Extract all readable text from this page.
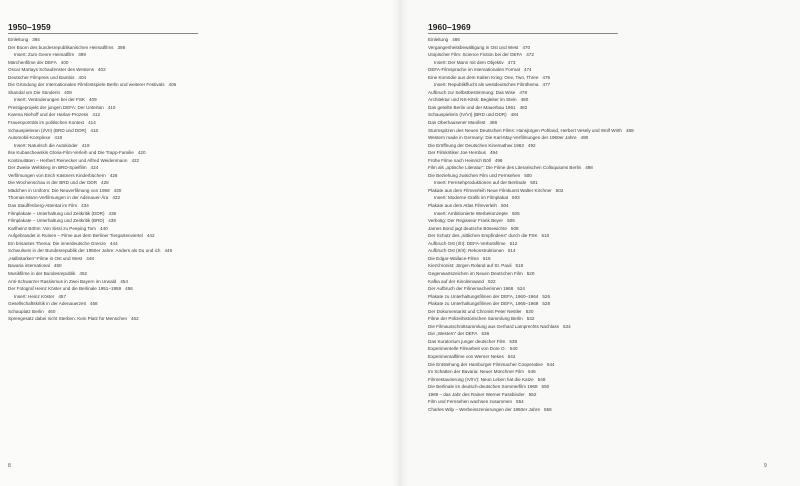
1950–1959
Einleitung 394
Der Boom des bundesrepublikanischen Heimatfilms 398
Insert: Zum Genre Heimatfilm 399
Märchenfilme der DEFA 400
Oscar Martays Schaufenster des Westens 402
Deutscher Filmpreis und Bambis 404
Die Gründung der Internationalen Filmfestspiele Berlin und weiterer Festivals 406
Skandal um Die Sünderin 408
Insert: Veränderungen bei der FSK 409
Prestigeprojekt der jungen DEFA: Der Untertan 410
Karena Niehoff und der Harlan-Prozess 412
Frauenporträts im politischen Kontext 414
Schauspieleran (I/VII) (BRD und DDR) 416
Automobil-Komplexe 418
Insert: Naturisch die Autokinder 419
Ilse Kubaschewskis Gloria-Film-Verleih und Die Trapp-Familie 420
Kontinuitäten – Herbert Reinecker und Alfred Weidenmann 422
Der Zweite Weltkrieg im BRD-Spielfilm 424
Verfilmungen von Erich Kästners Kinderbüchern 426
Die Wochenschau in der BRD und der DDR 428
Mädchen in Uniform: Die Neuverfilmung von 1958 430
Thomas-Mann-Verfilmungen in der Adenauer-Ära 432
Das Stauffenberg-Attentat im Film 434
Filmplakate – Unterhaltung und Zeitkritik (DDR) 436
Filmplakate – Unterhaltung und Zeitkritik (BRD) 438
Karlheinz Böhm: Von Sissi zu Peeping Tom 440
Aufgebrandet in Ruinen – Filme aus dem Berliner Tiergartenviertel 442
Ein brisantes Thema: Die innerdeutsche Grenze 444
Schwulsein in der Bundesrepublik der 1950er Jahre: Anders als Du und ich 446
„Halbstarken“-Filme in Ost und West 448
Bavaria international 450
Musikfilme in der Bundesrepublik 452
Anti-Schwarzer Rassismus in Zwei Bayern im Urwald 454
Der Fotograf Heinz Köster und die Berlinale 1951–1959 456
Insert: Heinz Köster 457
Gesellschaftskritik in der Adenauerzeit 458
Schauplatz Berlin 460
Sprengesatz dabei nicht Sterben: Kein Platz für Menschen 462
8
1960–1969
Einleitung 466
Vergangenheitsbewältigung in Ost und West 470
Utopischer Film: Science Fiction bei der DEFA 472
Insert: Der Mann mit dem Objektiv 473
DEFA-Filmsprache im internationalen Format 474
Eine Komödie aus dem Kalten Krieg: One, Two, Three 476
Insert: Republikflucht als westdeutsches Filmthema 477
Aufbruch zur Selbstbestimmung: Das Wise 478
Architektur und NS-Kitsk: Begleiter im Stein 480
Das geteilte Berlin und der Mauerbau 1961 482
Schauspielerin (IV/VI) (BRD und DDR) 484
Das Oberhausener Manifest 486
Sturmspitzen des Neuen Deutschen Films: Hansjürgen Pohland, Herbert Vesely und Wolf Wirth 488
Western made in Germany: Die Karl-May-Verfilmungen der 1960er Jahre 490
Die Eröffnung der Deutschen Kinematheк 1963 492
Der Filmkritiker Joe Hembus 494
Frühe Filme nach Heinrich Böll 496
Film als „optische Literatur“: Die Filme des Literarischen Colloquiums Berlin 498
Die Beziehung zwischen Film und Fernsehen 500
Insert: Fernsehproduktionen auf der Berlinale 501
Plakate aus dem Filmverleih Neue Filmkunst Walter Kirchner 502
Insert: Moderne Grafik im Filmplakat 503
Plakate aus dem Atlas Filmverleih 504
Insert: Ambitionierte Werbekonzepte 505
Verbotig: Der Regisseur Frank Beyer 506
James Bond jagt deutsche Bösewichte 508
Der Schutz des „sittlichen Empfindens“ durch die FSK 510
Aufbruch Ost (I/II): DEFA-Verbotsfilme 512
Aufbruch Ost (II/II): Rekonstruktionen 514
Die Edgar-Wallace-Filme 516
Kiezchronist: Jürgen Roland auf St. Pauli 518
Gegenwartszeichen im Neuen Deutschen Film 520
Kafka auf der Kinoleinwand 522
Der Aufbruch der Filmemacherinnen 1966 524
Plakate zu Unterhaltungsfilmen der DEFA, 1960–1964 526
Plakate zu Unterhaltungsfilmen der DEFA, 1965–1969 528
Der Dokumentarist und Chronist Peter Nestler 530
Filme der Polizeihistorischen Sammlung Berlin 532
Die Filmausschnittsammlung aus Gerhard Lamprechts Nachlass 534
Die „Western“ der DEFA 536
Das Kuratorium junger deutscher Film 538
Experimentelle Filmarbeit von Dore O. 540
Experimentalfilme von Werner Nekes 542
Die Entstehung der Hamburger Filmmacher Cooperative 544
Im Schatten der Bavaria: Neuer Münchner Film 546
Filmrestaurierung (IV/IV): Neun Leben hat die Katze 548
Die Berlinale im deutsch-deutschen Sommerfilm 1968 550
1969 – das Jahr des Rainer Werner Fassbinder 552
Film und Fernsehen wachsen zusammen 554
Charles Wilp – Werbeinszenierungen der 1960er Jahre 556
9
